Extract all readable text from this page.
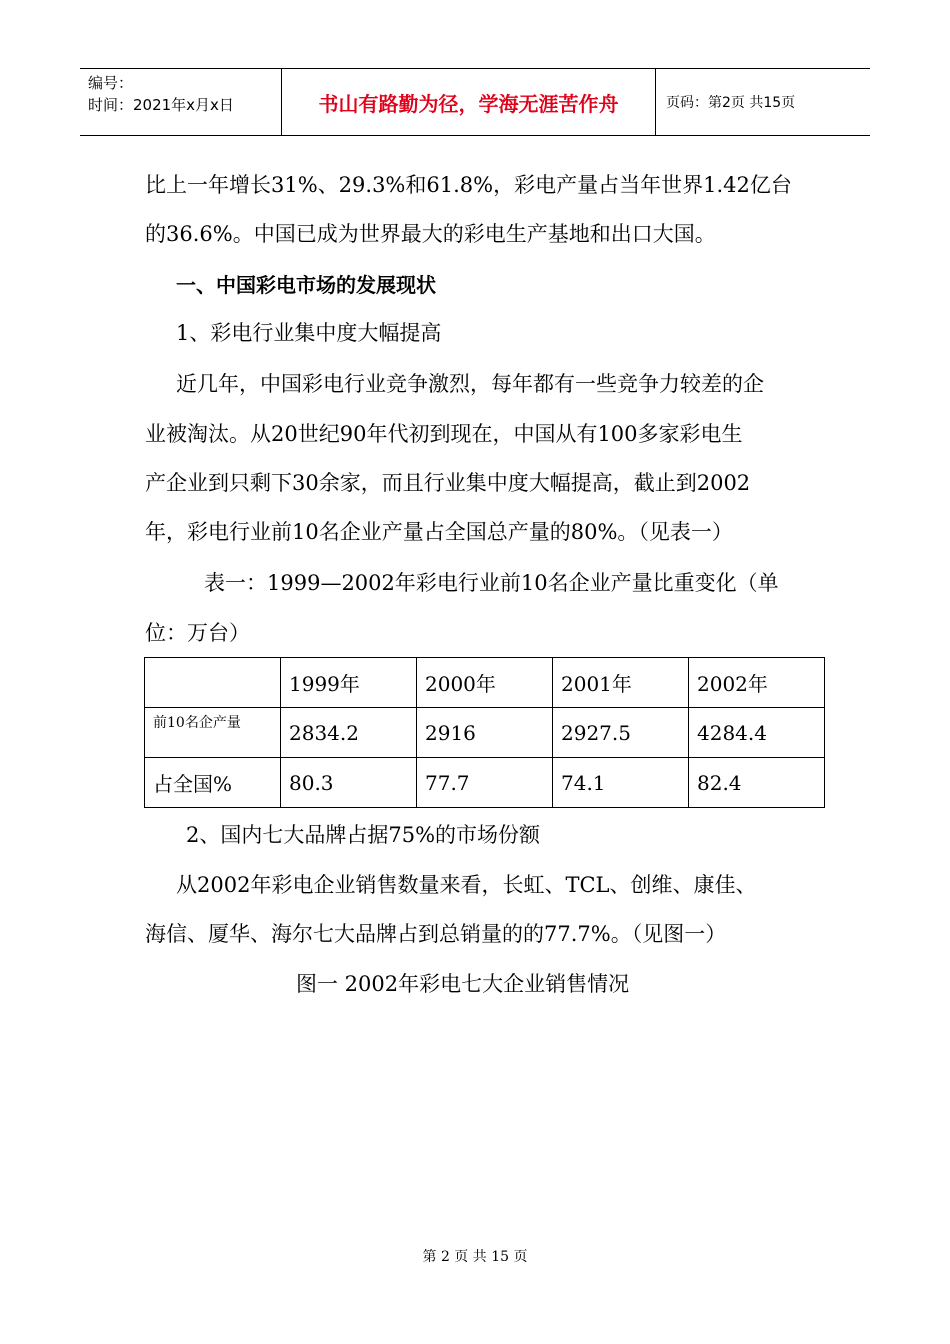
编号：
时间：2021年x月x日	书山有路勤为径，学海无涯苦作舟	页码：第2页 共15页
比上一年增长31%、29.3%和61.8%，彩电产量占当年世界1.42亿台
的36.6%。中国已成为世界最大的彩电生产基地和出口大国。
一、中国彩电市场的发展现状
1、彩电行业集中度大幅提高
近几年，中国彩电行业竞争激烈，每年都有一些竞争力较差的企
业被淘汰。从20世纪90年代初到现在，中国从有100多家彩电生
产企业到只剩下30余家，而且行业集中度大幅提高，截止到2002
年，彩电行业前10名企业产量占全国总产量的80%。（见表一）
表一：1999—2002年彩电行业前10名企业产量比重变化（单
位：万台）
	1999年	2000年	2001年	2002年
前10名企产量	2834.2	2916	2927.5	4284.4
占全国%	80.3	77.7	74.1	82.4
2、国内七大品牌占据75%的市场份额
从2002年彩电企业销售数量来看，长虹、TCL、创维、康佳、
海信、厦华、海尔七大品牌占到总销量的的77.7%。（见图一）
图一 2002年彩电七大企业销售情况
第 2 页 共 15 页
